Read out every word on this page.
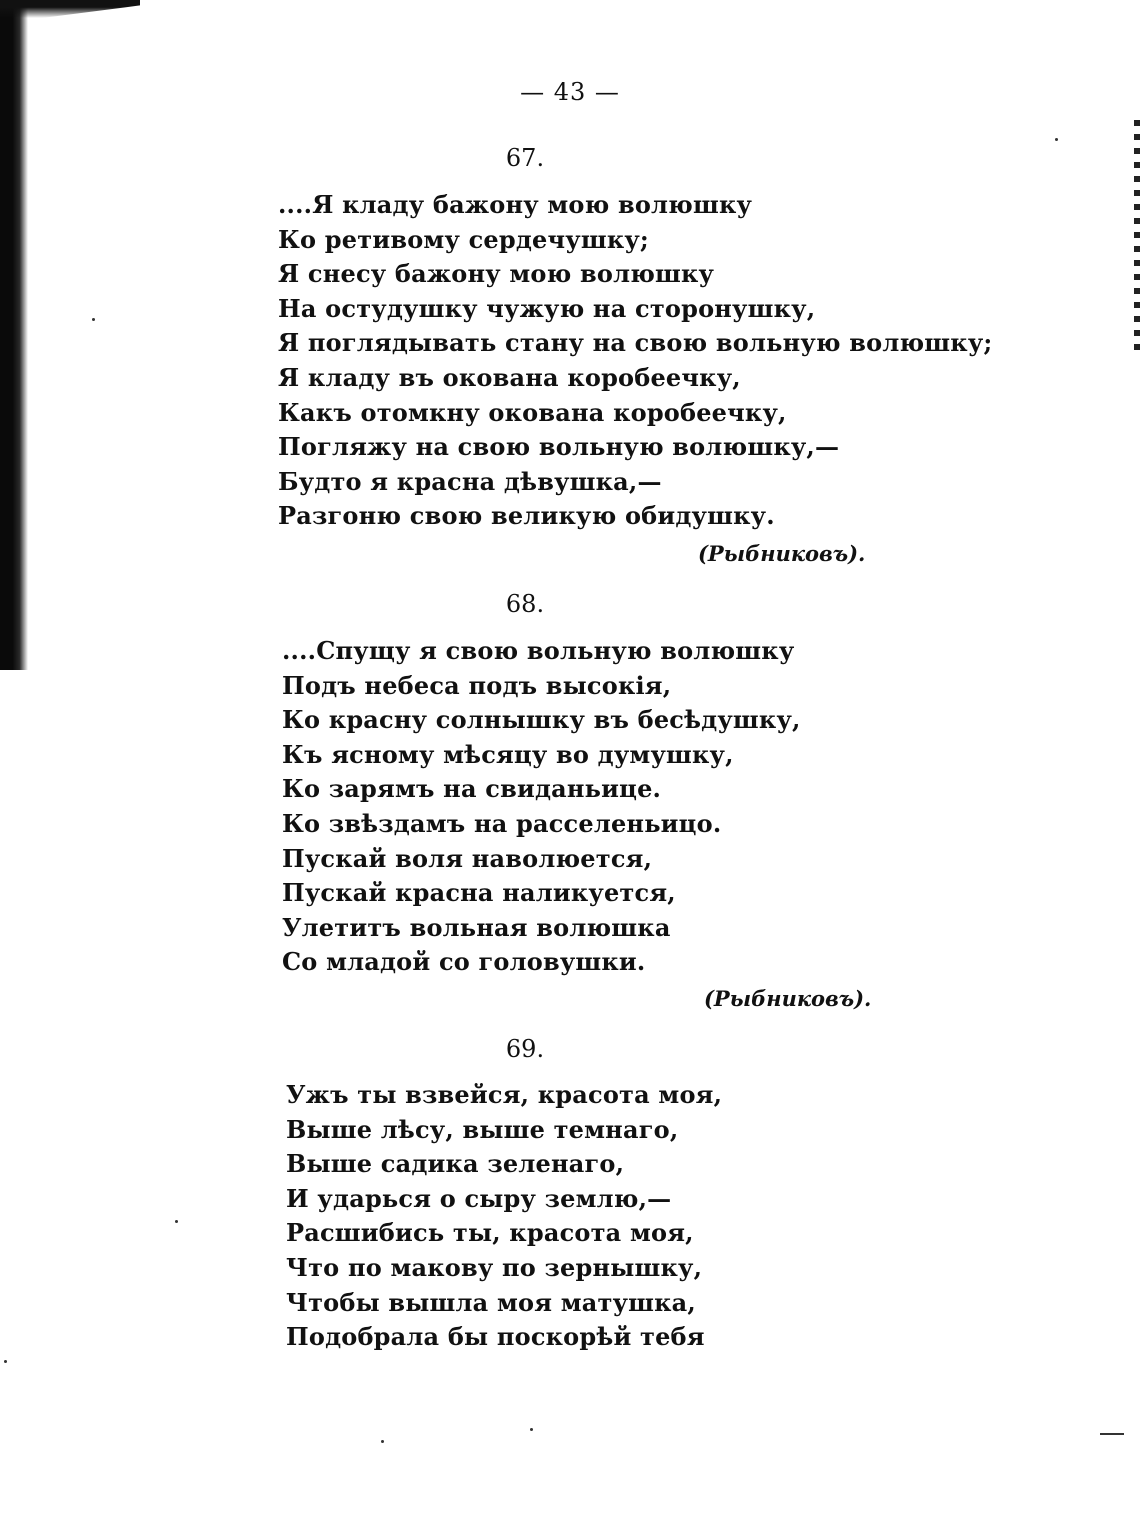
— 43 —
67.
....Я кладу бажону мою волюшку
Ко ретивому сердечушку;
Я снесу бажону мою волюшку
На остудушку чужую на сторонушку,
Я поглядывать стану на свою вольную волюшку;
Я кладу въ окована коробеечку,
Какъ отомкну окована коробеечку,
Погляжу на свою вольную волюшку,—
Будто я красна дѣвушка,—
Разгоню свою великую обидушку.
(Рыбниковъ).
68.
....Спущу я свою вольную волюшку
Подъ небеса подъ высокія,
Ко красну солнышку въ бесѣдушку,
Къ ясному мѣсяцу во думушку,
Ко зарямъ на свиданьице.
Ко звѣздамъ на расселеньицо.
Пускай воля наволюется,
Пускай красна наликуется,
Улетитъ вольная волюшка
Со младой со головушки.
(Рыбниковъ).
69.
Ужъ ты взвейся, красота моя,
Выше лѣсу, выше темнаго,
Выше садика зеленаго,
И ударься о сыру землю,—
Расшибись ты, красота моя,
Что по макову по зернышку,
Чтобы вышла моя матушка,
Подобрала бы поскорѣй тебя
